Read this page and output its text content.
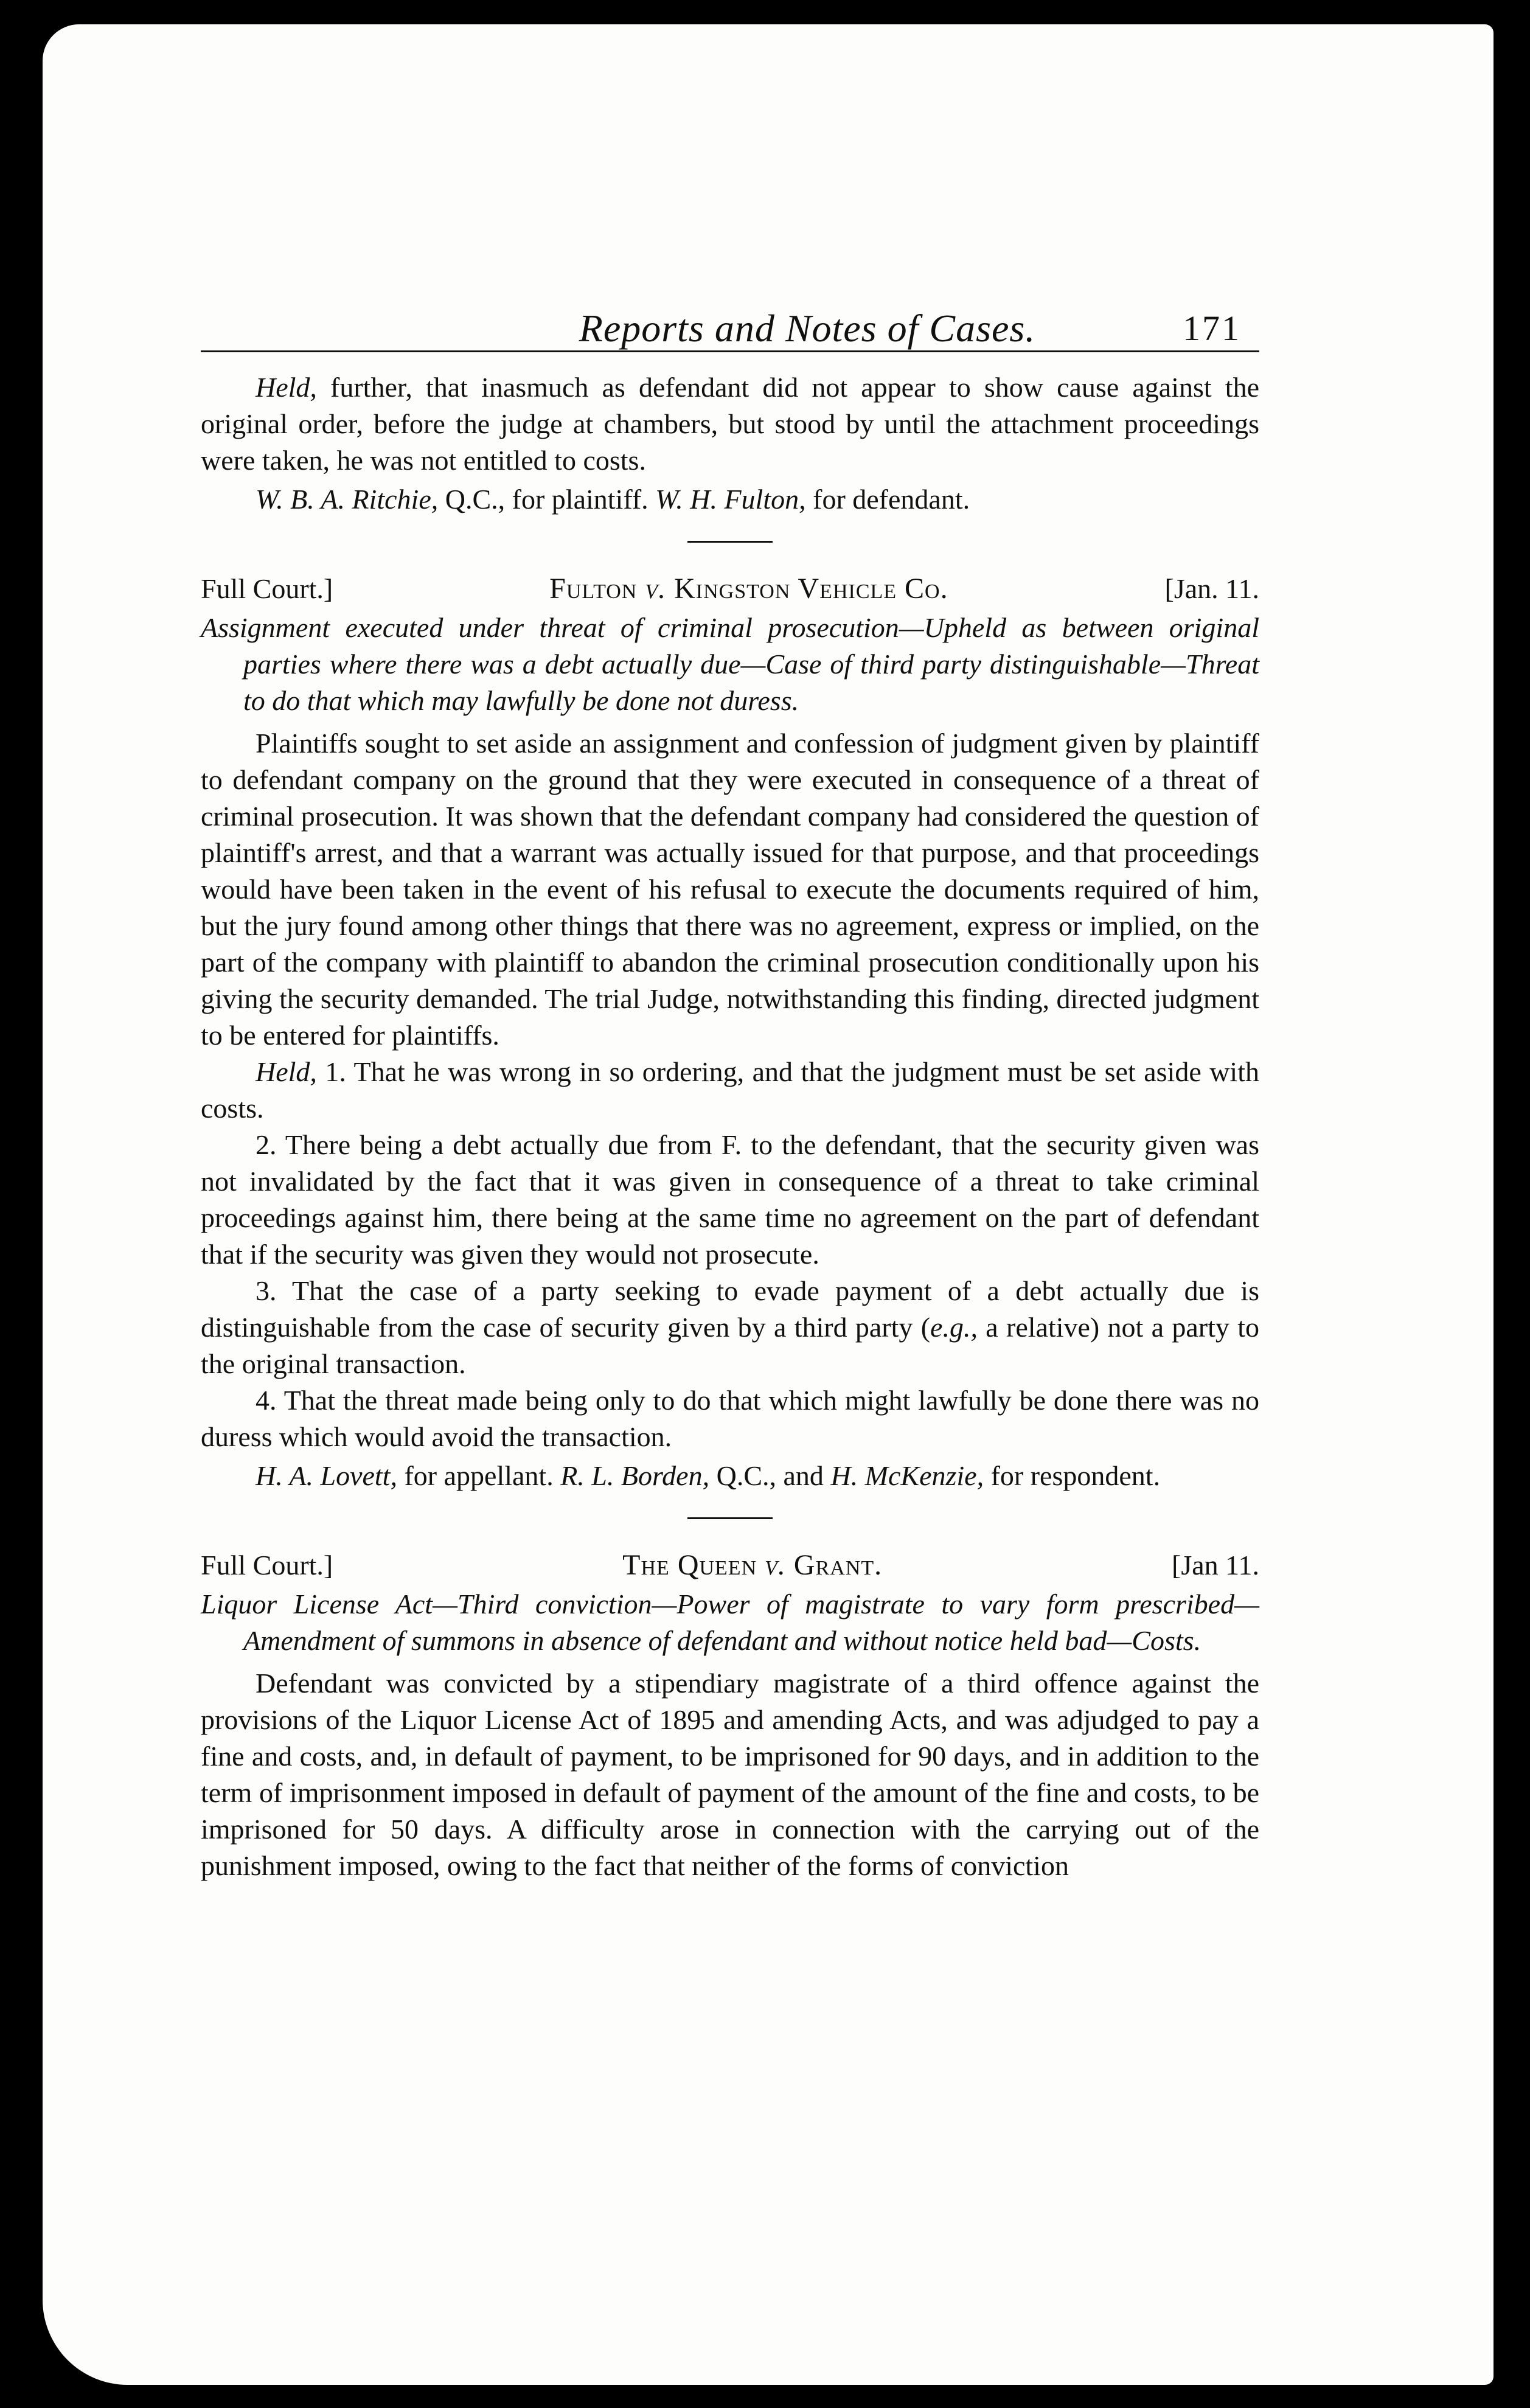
Reports and Notes of Cases.	171

Held, further, that inasmuch as defendant did not appear to show cause against the original order, before the judge at chambers, but stood by until the attachment proceedings were taken, he was not entitled to costs.

W. B. A. Ritchie, Q.C., for plaintiff. W. H. Fulton, for defendant.

Full Court.]	Fulton v. Kingston Vehicle Co.	[Jan. 11.

Assignment executed under threat of criminal prosecution—Upheld as between original parties where there was a debt actually due—Case of third party distinguishable—Threat to do that which may lawfully be done not duress.

Plaintiffs sought to set aside an assignment and confession of judgment given by plaintiff to defendant company on the ground that they were executed in consequence of a threat of criminal prosecution. It was shown that the defendant company had considered the question of plaintiff's arrest, and that a warrant was actually issued for that purpose, and that proceedings would have been taken in the event of his refusal to execute the documents required of him, but the jury found among other things that there was no agreement, express or implied, on the part of the company with plaintiff to abandon the criminal prosecution conditionally upon his giving the security demanded. The trial Judge, notwithstanding this finding, directed judgment to be entered for plaintiffs.

Held, 1. That he was wrong in so ordering, and that the judgment must be set aside with costs.

2. There being a debt actually due from F. to the defendant, that the security given was not invalidated by the fact that it was given in consequence of a threat to take criminal proceedings against him, there being at the same time no agreement on the part of defendant that if the security was given they would not prosecute.

3. That the case of a party seeking to evade payment of a debt actually due is distinguishable from the case of security given by a third party (e.g., a relative) not a party to the original transaction.

4. That the threat made being only to do that which might lawfully be done there was no duress which would avoid the transaction.

H. A. Lovett, for appellant. R. L. Borden, Q.C., and H. McKenzie, for respondent.

Full Court.]	The Queen v. Grant.	[Jan 11.

Liquor License Act—Third conviction—Power of magistrate to vary form prescribed—Amendment of summons in absence of defendant and without notice held bad—Costs.

Defendant was convicted by a stipendiary magistrate of a third offence against the provisions of the Liquor License Act of 1895 and amending Acts, and was adjudged to pay a fine and costs, and, in default of payment, to be imprisoned for 90 days, and in addition to the term of imprisonment imposed in default of payment of the amount of the fine and costs, to be imprisoned for 50 days. A difficulty arose in connection with the carrying out of the punishment imposed, owing to the fact that neither of the forms of conviction
